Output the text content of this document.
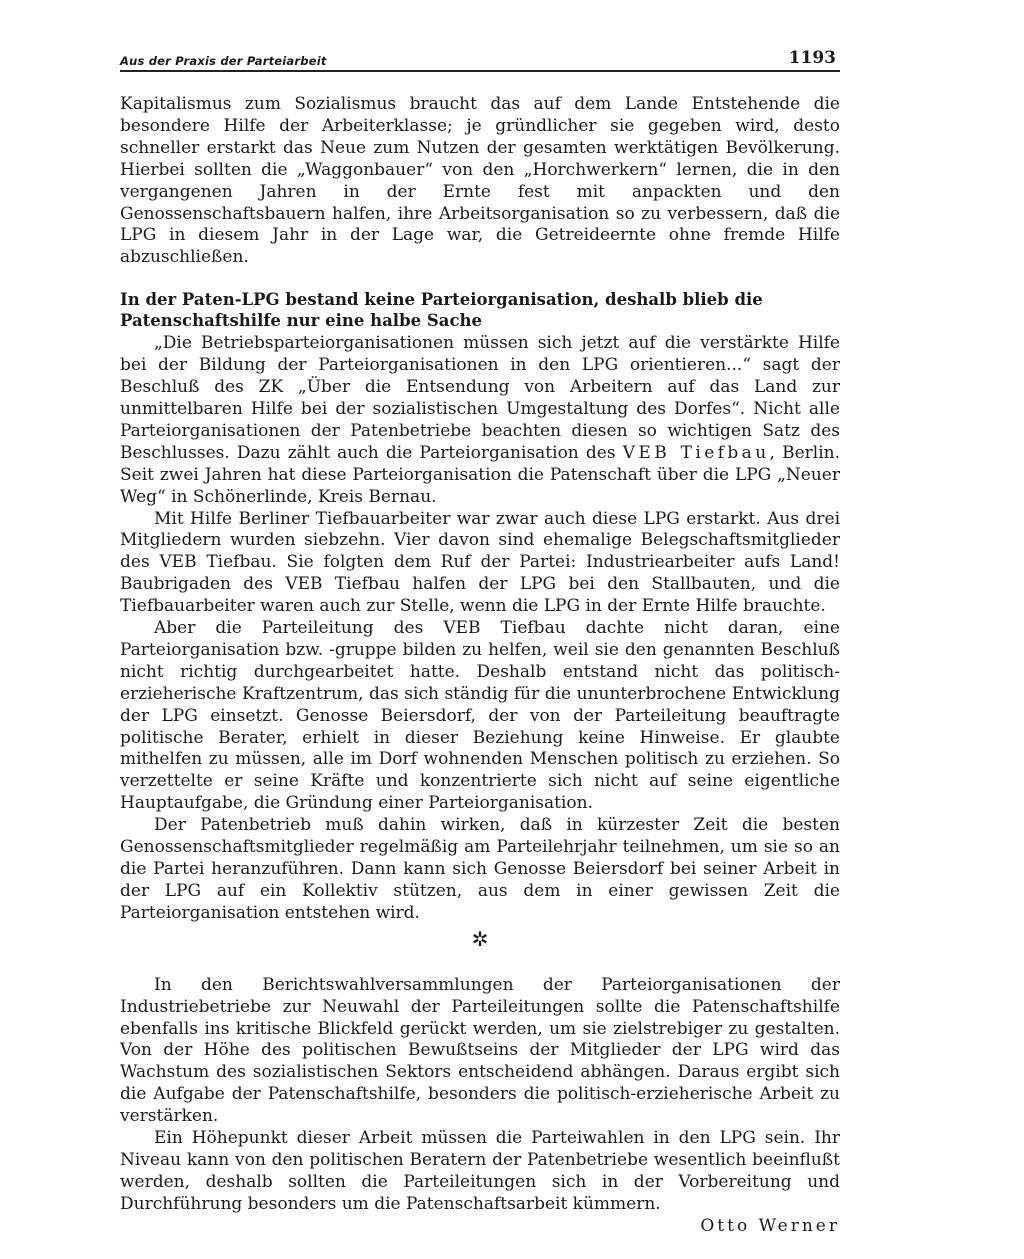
Aus der Praxis der Parteiarbeit	1193

Kapitalismus zum Sozialismus braucht das auf dem Lande Entstehende die besondere Hilfe der Arbeiterklasse; je gründlicher sie gegeben wird, desto schneller erstarkt das Neue zum Nutzen der gesamten werktätigen Bevölkerung. Hierbei sollten die „Waggonbauer“ von den „Horchwerkern“ lernen, die in den vergangenen Jahren in der Ernte fest mit anpackten und den Genossenschaftsbauern halfen, ihre Arbeitsorganisation so zu verbessern, daß die LPG in diesem Jahr in der Lage war, die Getreideernte ohne fremde Hilfe abzuschließen.

In der Paten-LPG bestand keine Parteiorganisation, deshalb blieb die Patenschaftshilfe nur eine halbe Sache

„Die Betriebsparteiorganisationen müssen sich jetzt auf die verstärkte Hilfe bei der Bildung der Parteiorganisationen in den LPG orientieren...“ sagt der Beschluß des ZK „Über die Entsendung von Arbeitern auf das Land zur unmittelbaren Hilfe bei der sozialistischen Umgestaltung des Dorfes“. Nicht alle Parteiorganisationen der Patenbetriebe beachten diesen so wichtigen Satz des Beschlusses. Dazu zählt auch die Parteiorganisation des VEB Tiefbau, Berlin. Seit zwei Jahren hat diese Parteiorganisation die Patenschaft über die LPG „Neuer Weg“ in Schönerlinde, Kreis Bernau.

Mit Hilfe Berliner Tiefbauarbeiter war zwar auch diese LPG erstarkt. Aus drei Mitgliedern wurden siebzehn. Vier davon sind ehemalige Belegschaftsmitglieder des VEB Tiefbau. Sie folgten dem Ruf der Partei: Industriearbeiter aufs Land! Baubrigaden des VEB Tiefbau halfen der LPG bei den Stallbauten, und die Tiefbauarbeiter waren auch zur Stelle, wenn die LPG in der Ernte Hilfe brauchte.

Aber die Parteileitung des VEB Tiefbau dachte nicht daran, eine Parteiorganisation bzw. -gruppe bilden zu helfen, weil sie den genannten Beschluß nicht richtig durchgearbeitet hatte. Deshalb entstand nicht das politisch-erzieherische Kraftzentrum, das sich ständig für die ununterbrochene Entwicklung der LPG einsetzt. Genosse Beiersdorf, der von der Parteileitung beauftragte politische Berater, erhielt in dieser Beziehung keine Hinweise. Er glaubte mithelfen zu müssen, alle im Dorf wohnenden Menschen politisch zu erziehen. So verzettelte er seine Kräfte und konzentrierte sich nicht auf seine eigentliche Hauptaufgabe, die Gründung einer Parteiorganisation.

Der Patenbetrieb muß dahin wirken, daß in kürzester Zeit die besten Genossenschaftsmitglieder regelmäßig am Parteilehrjahr teilnehmen, um sie so an die Partei heranzuführen. Dann kann sich Genosse Beiersdorf bei seiner Arbeit in der LPG auf ein Kollektiv stützen, aus dem in einer gewissen Zeit die Parteiorganisation entstehen wird.

✲

In den Berichtswahlversammlungen der Parteiorganisationen der Industriebetriebe zur Neuwahl der Parteileitungen sollte die Patenschaftshilfe ebenfalls ins kritische Blickfeld gerückt werden, um sie zielstrebiger zu gestalten. Von der Höhe des politischen Bewußtseins der Mitglieder der LPG wird das Wachstum des sozialistischen Sektors entscheidend abhängen. Daraus ergibt sich die Aufgabe der Patenschaftshilfe, besonders die politisch-erzieherische Arbeit zu verstärken.

Ein Höhepunkt dieser Arbeit müssen die Parteiwahlen in den LPG sein. Ihr Niveau kann von den politischen Beratern der Patenbetriebe wesentlich beeinflußt werden, deshalb sollten die Parteileitungen sich in der Vorbereitung und Durchführung besonders um die Patenschaftsarbeit kümmern.
Otto Werner
